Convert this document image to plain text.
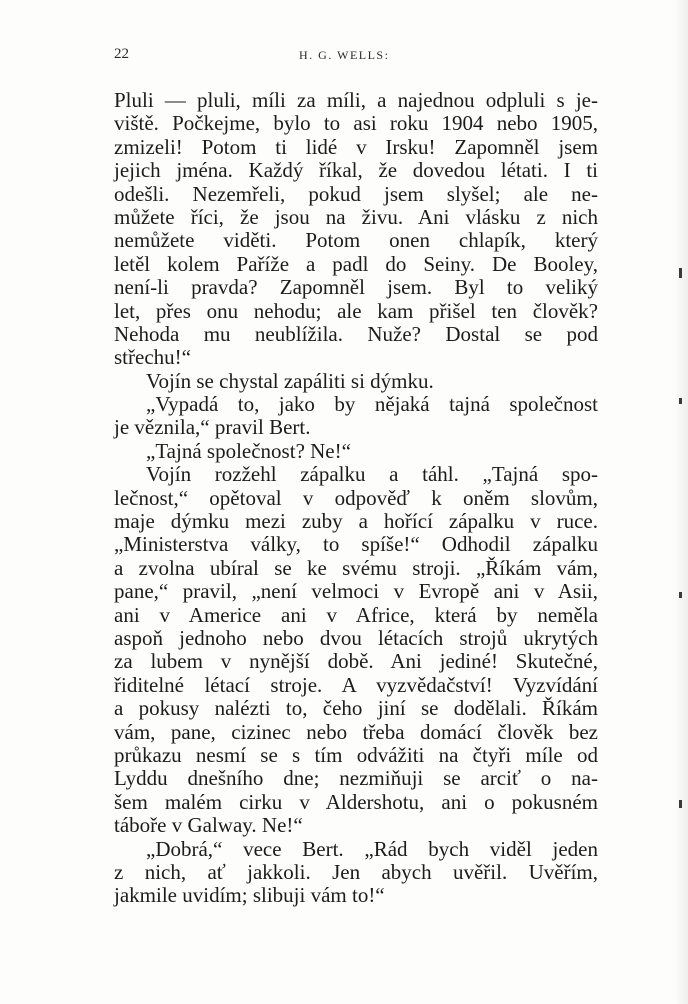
22	H. G. WELLS:
Pluli — pluli, míli za míli, a najednou odpluli s je-
viště. Počkejme, bylo to asi roku 1904 nebo 1905,
zmizeli! Potom ti lidé v Irsku! Zapomněl jsem
jejich jména. Každý říkal, že dovedou létati. I ti
odešli. Nezemřeli, pokud jsem slyšel; ale ne-
můžete říci, že jsou na živu. Ani vlásku z nich
nemůžete viděti. Potom onen chlapík, který
letěl kolem Paříže a padl do Seiny. De Booley,
není-li pravda? Zapomněl jsem. Byl to veliký
let, přes onu nehodu; ale kam přišel ten člověk?
Nehoda mu neublížila. Nuže? Dostal se pod
střechu!“
Vojín se chystal zapáliti si dýmku.
„Vypadá to, jako by nějaká tajná společnost
je věznila,“ pravil Bert.
„Tajná společnost? Ne!“
Vojín rozžehl zápalku a táhl. „Tajná spo-
lečnost,“ opětoval v odpověď k oněm slovům,
maje dýmku mezi zuby a hořící zápalku v ruce.
„Ministerstva války, to spíše!“ Odhodil zápalku
a zvolna ubíral se ke svému stroji. „Říkám vám,
pane,“ pravil, „není velmoci v Evropě ani v Asii,
ani v Americe ani v Africe, která by neměla
aspoň jednoho nebo dvou létacích strojů ukrytých
za lubem v nynější době. Ani jediné! Skutečné,
řiditelné létací stroje. A vyzvědačství! Vyzvídání
a pokusy nalézti to, čeho jiní se dodělali. Říkám
vám, pane, cizinec nebo třeba domácí člověk bez
průkazu nesmí se s tím odvážiti na čtyři míle od
Lyddu dnešního dne; nezmiňuji se arciť o na-
šem malém cirku v Aldershotu, ani o pokusném
táboře v Galway. Ne!“
„Dobrá,“ vece Bert. „Rád bych viděl jeden
z nich, ať jakkoli. Jen abych uvěřil. Uvěřím,
jakmile uvidím; slibuji vám to!“
